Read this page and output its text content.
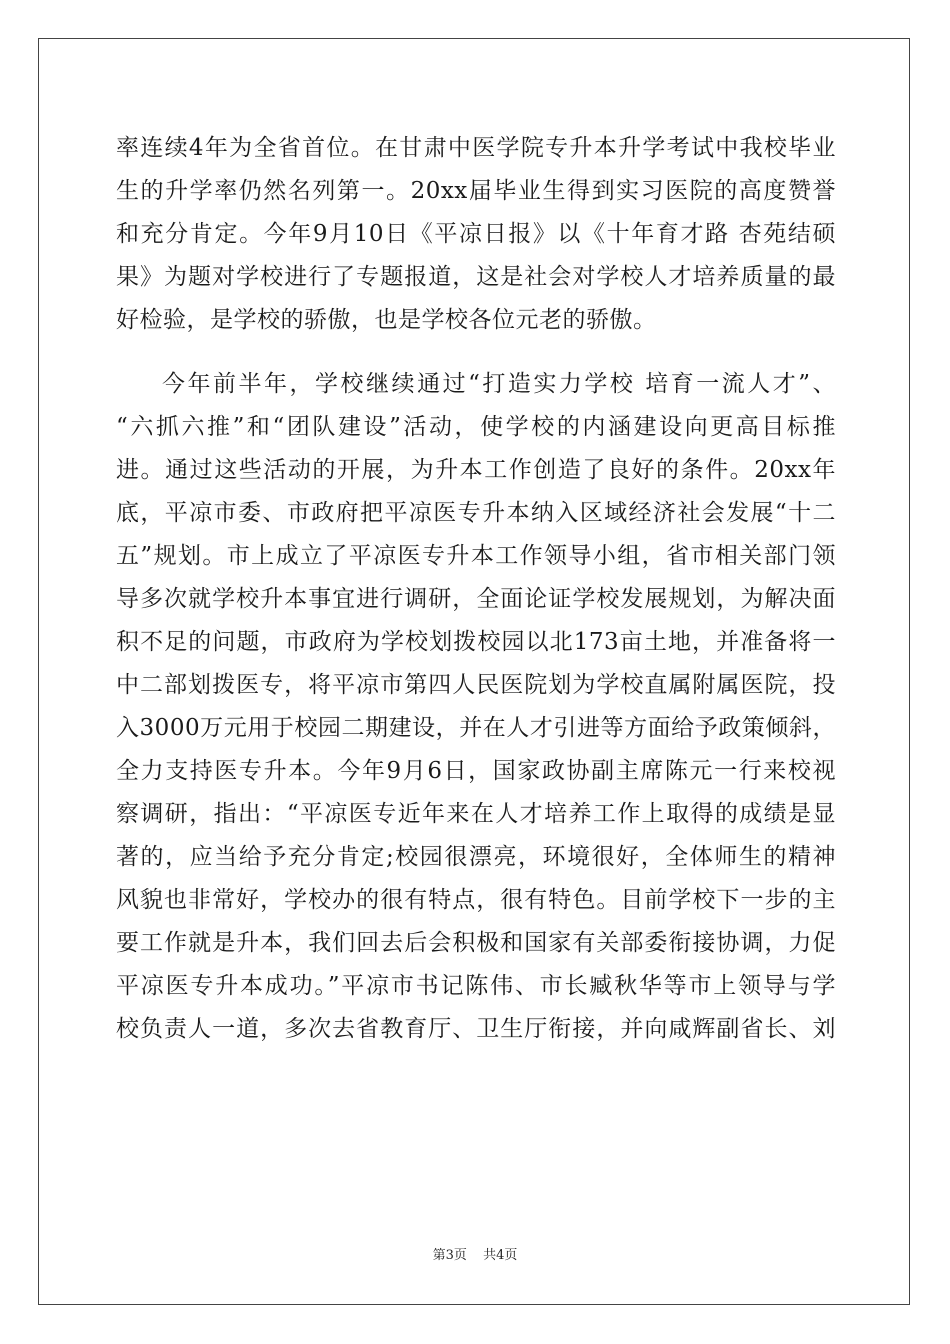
率连续4年为全省首位。在甘肃中医学院专升本升学考试中我校毕业
生的升学率仍然名列第一。20xx届毕业生得到实习医院的高度赞誉
和充分肯定。今年9月10日《平凉日报》以《十年育才路 杏苑结硕
果》为题对学校进行了专题报道，这是社会对学校人才培养质量的最
好检验，是学校的骄傲，也是学校各位元老的骄傲。
今年前半年，学校继续通过“打造实力学校 培育一流人才”、
“六抓六推”和“团队建设”活动，使学校的内涵建设向更高目标推
进。通过这些活动的开展，为升本工作创造了良好的条件。20xx年
底，平凉市委、市政府把平凉医专升本纳入区域经济社会发展“十二
五”规划。市上成立了平凉医专升本工作领导小组，省市相关部门领
导多次就学校升本事宜进行调研，全面论证学校发展规划，为解决面
积不足的问题，市政府为学校划拨校园以北173亩土地，并准备将一
中二部划拨医专，将平凉市第四人民医院划为学校直属附属医院，投
入3000万元用于校园二期建设，并在人才引进等方面给予政策倾斜，
全力支持医专升本。今年9月6日，国家政协副主席陈元一行来校视
察调研，指出：“平凉医专近年来在人才培养工作上取得的成绩是显
著的，应当给予充分肯定;校园很漂亮，环境很好，全体师生的精神
风貌也非常好，学校办的很有特点，很有特色。目前学校下一步的主
要工作就是升本，我们回去后会积极和国家有关部委衔接协调，力促
平凉医专升本成功。”平凉市书记陈伟、市长臧秋华等市上领导与学
校负责人一道，多次去省教育厅、卫生厅衔接，并向咸辉副省长、刘
第3页 共4页
